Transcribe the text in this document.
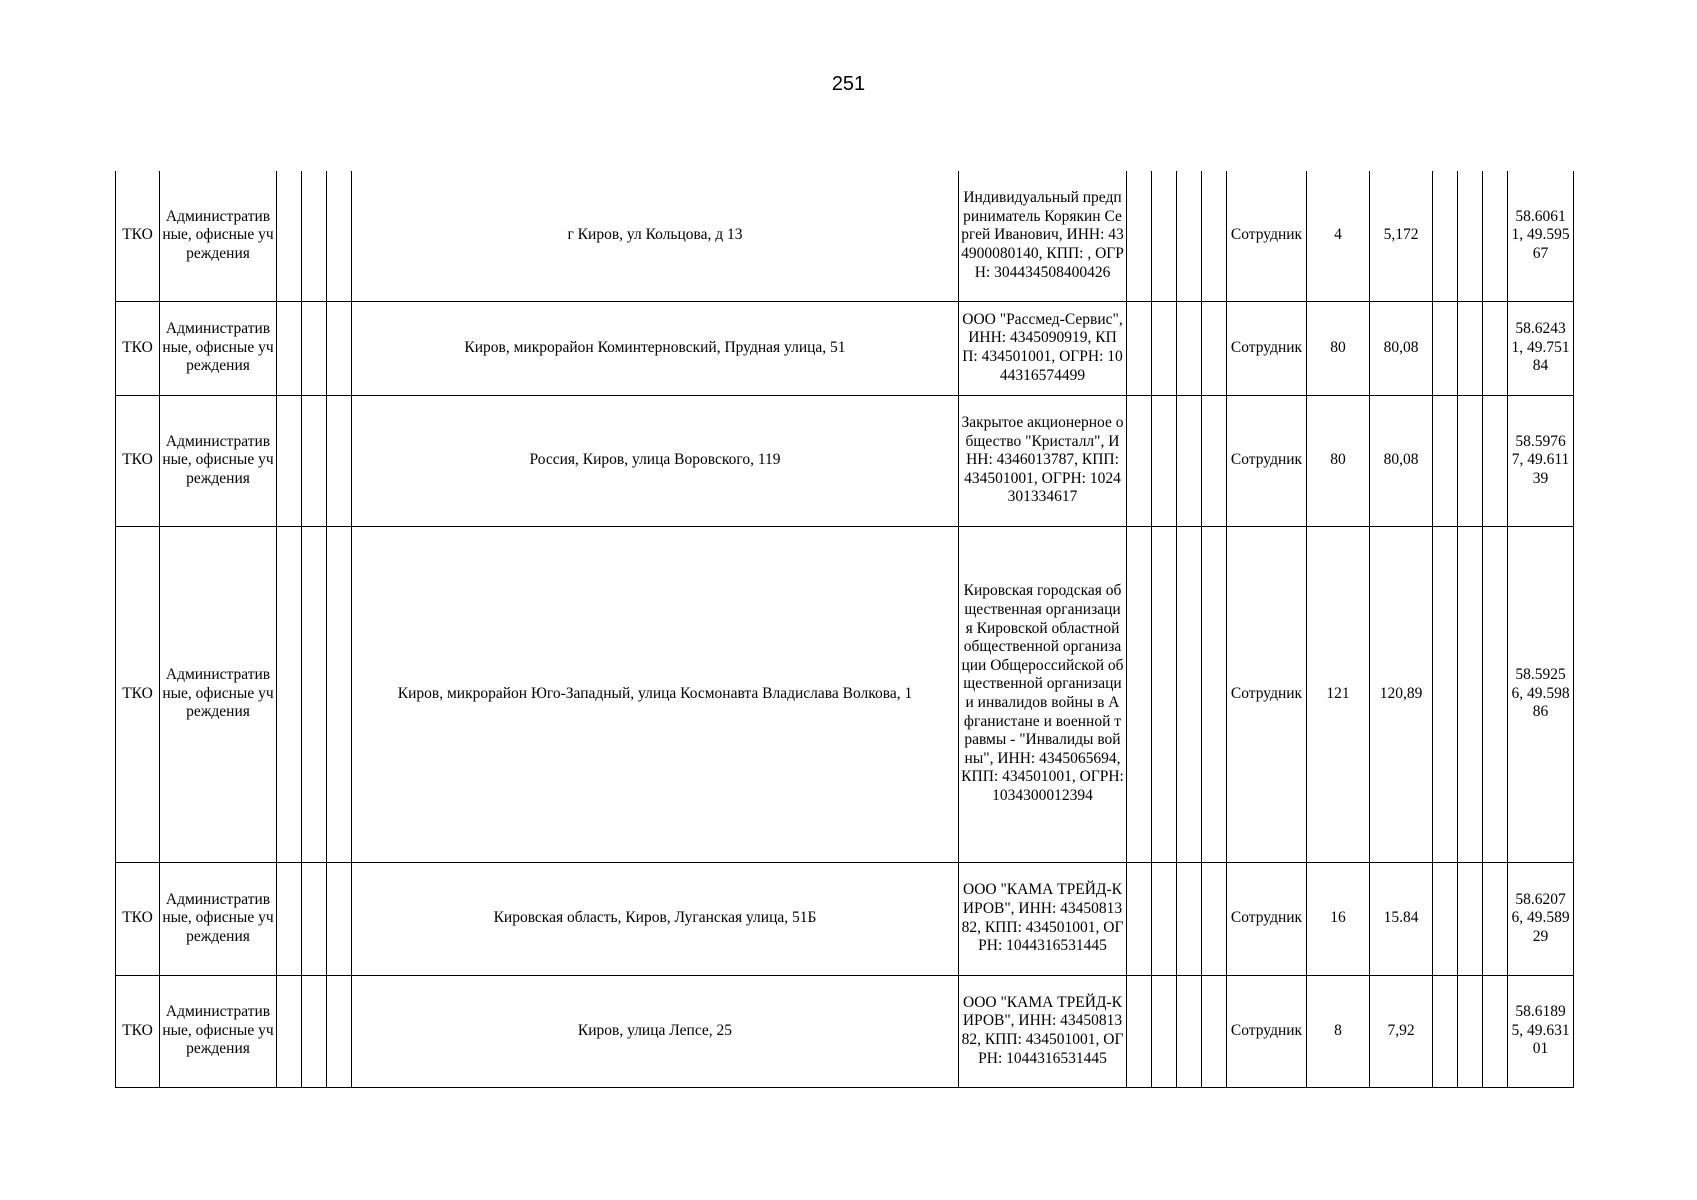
251
ТКО	Административные, офисные учреждения				г Киров, ул Кольцова, д 13	Индивидуальный предприниматель Корякин Сергей Иванович, ИНН: 434900080140, КПП: , ОГРН: 304434508400426					Сотрудник	4	5,172				58.60611, 49.59567
ТКО	Административные, офисные учреждения				Киров, микрорайон Коминтерновский, Прудная улица, 51	ООО "Рассмед-Сервис", ИНН: 4345090919, КПП: 434501001, ОГРН: 1044316574499					Сотрудник	80	80,08				58.62431, 49.75184
ТКО	Административные, офисные учреждения				Россия, Киров, улица Воровского, 119	Закрытое акционерное общество "Кристалл", ИНН: 4346013787, КПП: 434501001, ОГРН: 1024301334617					Сотрудник	80	80,08				58.59767, 49.61139
ТКО	Административные, офисные учреждения				Киров, микрорайон Юго-Западный, улица Космонавта Владислава Волкова, 1	Кировская городская общественная организация Кировской областной общественной организации Общероссийской общественной организации инвалидов войны в Афганистане и военной травмы - "Инвалиды войны", ИНН: 4345065694, КПП: 434501001, ОГРН: 1034300012394					Сотрудник	121	120,89				58.59256, 49.59886
ТКО	Административные, офисные учреждения				Кировская область, Киров, Луганская улица, 51Б	ООО "КАМА ТРЕЙД-КИРОВ", ИНН: 4345081382, КПП: 434501001, ОГРН: 1044316531445					Сотрудник	16	15.84				58.62076, 49.58929
ТКО	Административные, офисные учреждения				Киров, улица Лепсе, 25	ООО "КАМА ТРЕЙД-КИРОВ", ИНН: 4345081382, КПП: 434501001, ОГРН: 1044316531445					Сотрудник	8	7,92				58.61895, 49.63101
